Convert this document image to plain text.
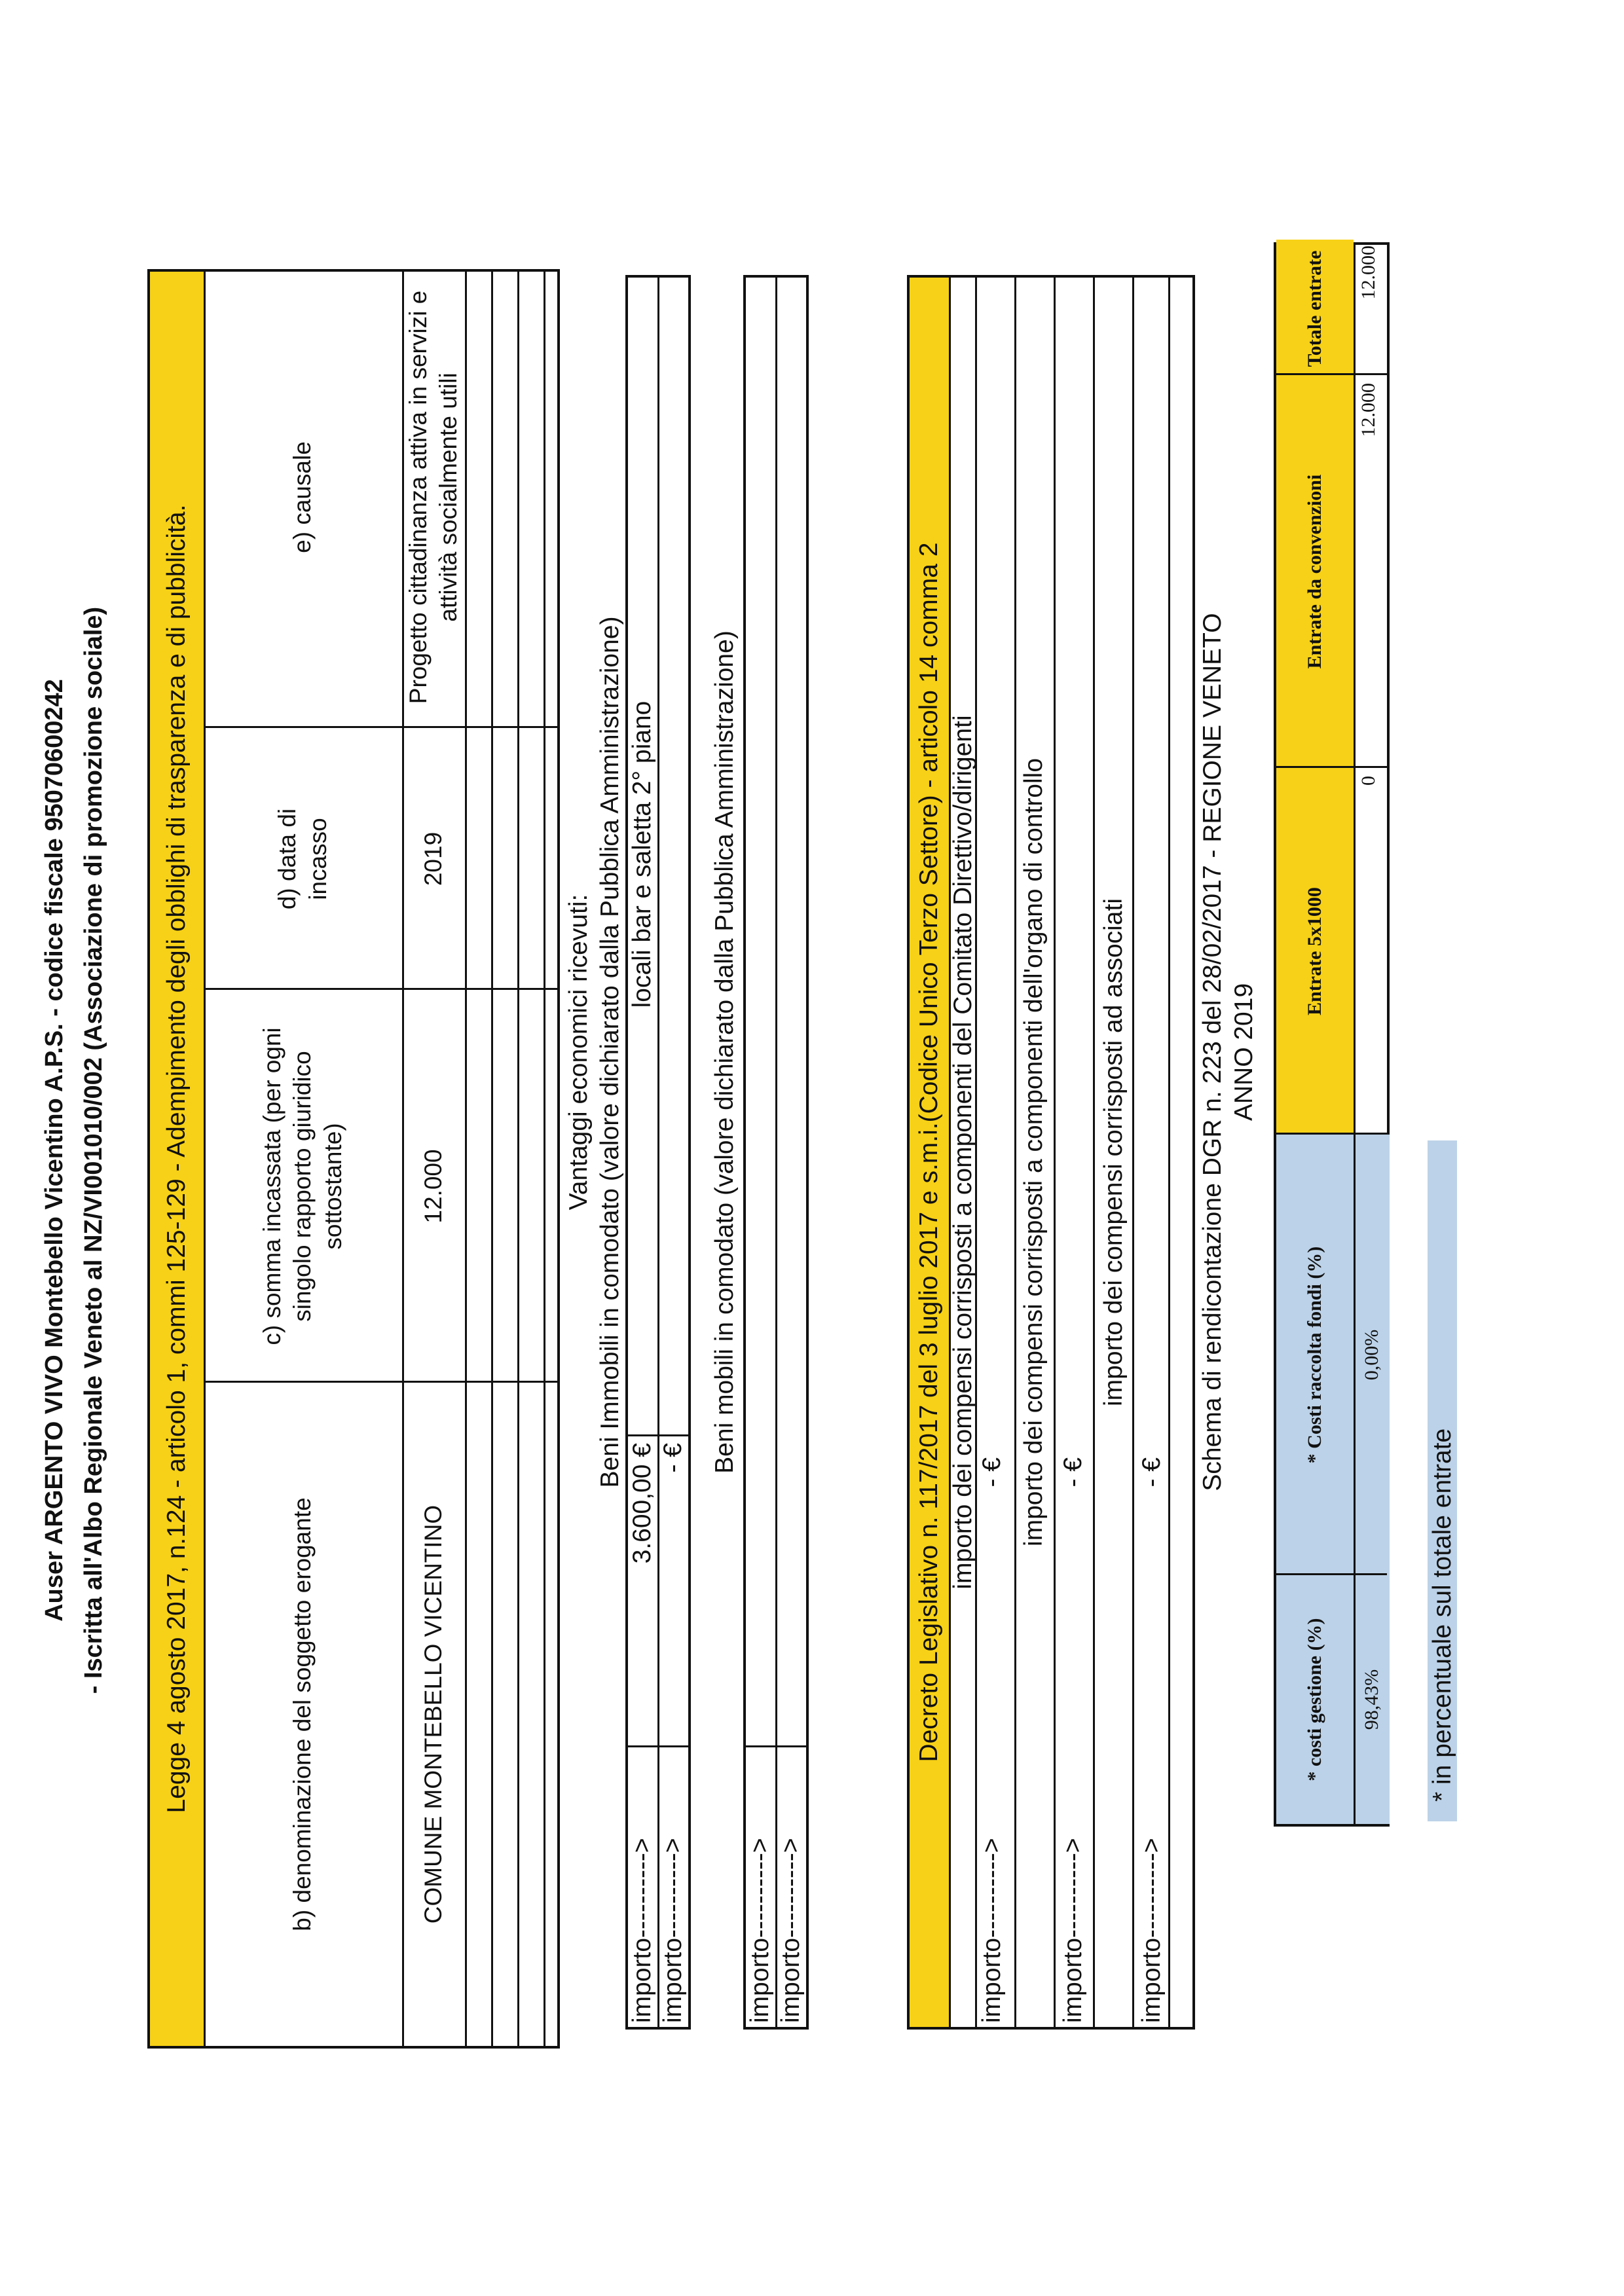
Auser ARGENTO VIVO Montebello Vicentino A.P.S. - codice fiscale 95070600242 - Iscritta all'Albo Regionale Veneto al NZ/VI001010/002 (Associazione di promozione sociale) Legge 4 agosto 2017, n.124 - articolo 1, commi 125-129 - Adempimento degli obblighi di trasparenza e di pubblicità.	b) denominazione del soggetto erogante
c) somma incassata (per ogni singolo rapporto giuridico sottostante)
d) data di incasso
e) causale
COMUNE MONTEBELLO VICENTINO
12.000
2019
Progetto cittadinanza attiva in servizi e attività socialmente utili
Vantaggi economici ricevuti: Beni Immobili in comodato (valore dichiarato dalla Pubblica Amministrazione)
importo---------->
3.600,00 €
locali bar e saletta 2° piano
importo---------->
- € Beni mobili in comodato (valore dichiarato dalla Pubblica Amministrazione)
importo----------> importo---------->
Decreto Legislativo n. 117/2017 del 3 luglio 2017 e s.m.i.(Codice Unico Terzo Settore) - articolo 14 comma 2 importo dei compensi corrisposti a componenti del Comitato Direttivo/dirigenti
importo---------->
- € importo dei compensi corrisposti a componenti dell'organo di controllo
importo---------->
- €
importo dei compensi corrisposti ad associati
importo---------->
- € Schema di rendicontazione DGR n. 223 del 28/02/2017 - REGIONE VENETO ANNO 2019
* costi gestione (%)
* Costi raccolta fondi (%)
Entrate 5x1000
Entrate da convenzioni
Totale entrate
98,43%
0,00%
0
12.000
12.000
* in percentuale sul totale entrate
